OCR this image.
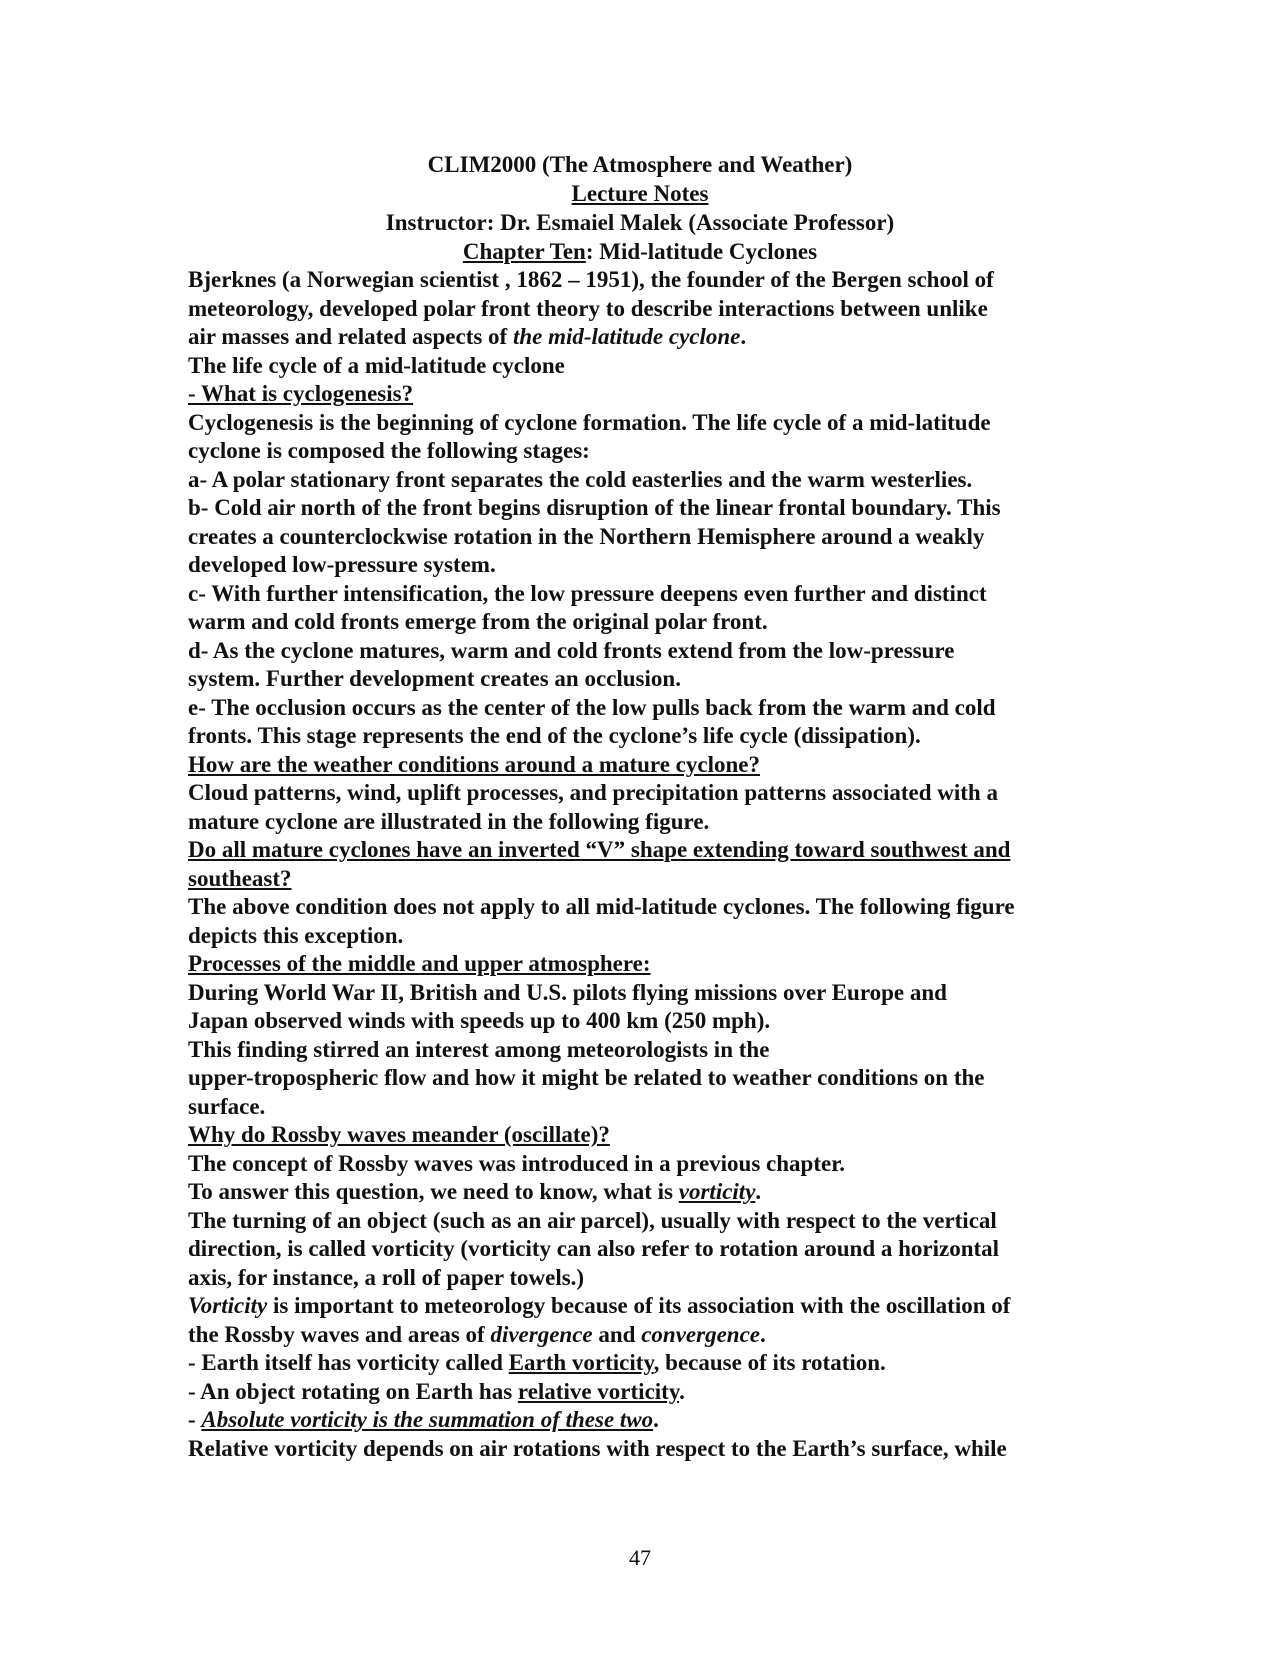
CLIM2000 (The Atmosphere and Weather)
Lecture Notes
Instructor: Dr. Esmaiel Malek (Associate Professor)
Chapter Ten: Mid-latitude Cyclones
Bjerknes (a Norwegian scientist , 1862 – 1951), the founder of the Bergen school of
meteorology, developed polar front theory to describe interactions between unlike
air masses and related aspects of the mid-latitude cyclone.
The life cycle of a mid-latitude cyclone
- What is cyclogenesis?
Cyclogenesis is the beginning of cyclone formation. The life cycle of a mid-latitude
cyclone is composed the following stages:
a- A polar stationary front separates the cold easterlies and the warm westerlies.
b- Cold air north of the front begins disruption of the linear frontal boundary. This
creates a counterclockwise rotation in the Northern Hemisphere around a weakly
developed low-pressure system.
c- With further intensification, the low pressure deepens even further and distinct
warm and cold fronts emerge from the original polar front.
d- As the cyclone matures, warm and cold fronts extend from the low-pressure
system. Further development creates an occlusion.
e- The occlusion occurs as the center of the low pulls back from the warm and cold
fronts. This stage represents the end of the cyclone’s life cycle (dissipation).
How are the weather conditions around a mature cyclone?
Cloud patterns, wind, uplift processes, and precipitation patterns associated with a
mature cyclone are illustrated in the following figure.
Do all mature cyclones have an inverted “V” shape extending toward southwest and
southeast?
The above condition does not apply to all mid-latitude cyclones. The following figure
depicts this exception.
Processes of the middle and upper atmosphere:
During World War II, British and U.S. pilots flying missions over Europe and
Japan observed winds with speeds up to 400 km (250 mph).
This finding stirred an interest among meteorologists in the
upper-tropospheric flow and how it might be related to weather conditions on the
surface.
Why do Rossby waves meander (oscillate)?
The concept of Rossby waves was introduced in a previous chapter.
To answer this question, we need to know, what is vorticity.
The turning of an object (such as an air parcel), usually with respect to the vertical
direction, is called vorticity (vorticity can also refer to rotation around a horizontal
axis, for instance, a roll of paper towels.)
Vorticity is important to meteorology because of its association with the oscillation of
the Rossby waves and areas of divergence and convergence.
- Earth itself has vorticity called Earth vorticity, because of its rotation.
- An object rotating on Earth has relative vorticity.
- Absolute vorticity is the summation of these two.
Relative vorticity depends on air rotations with respect to the Earth’s surface, while
47
